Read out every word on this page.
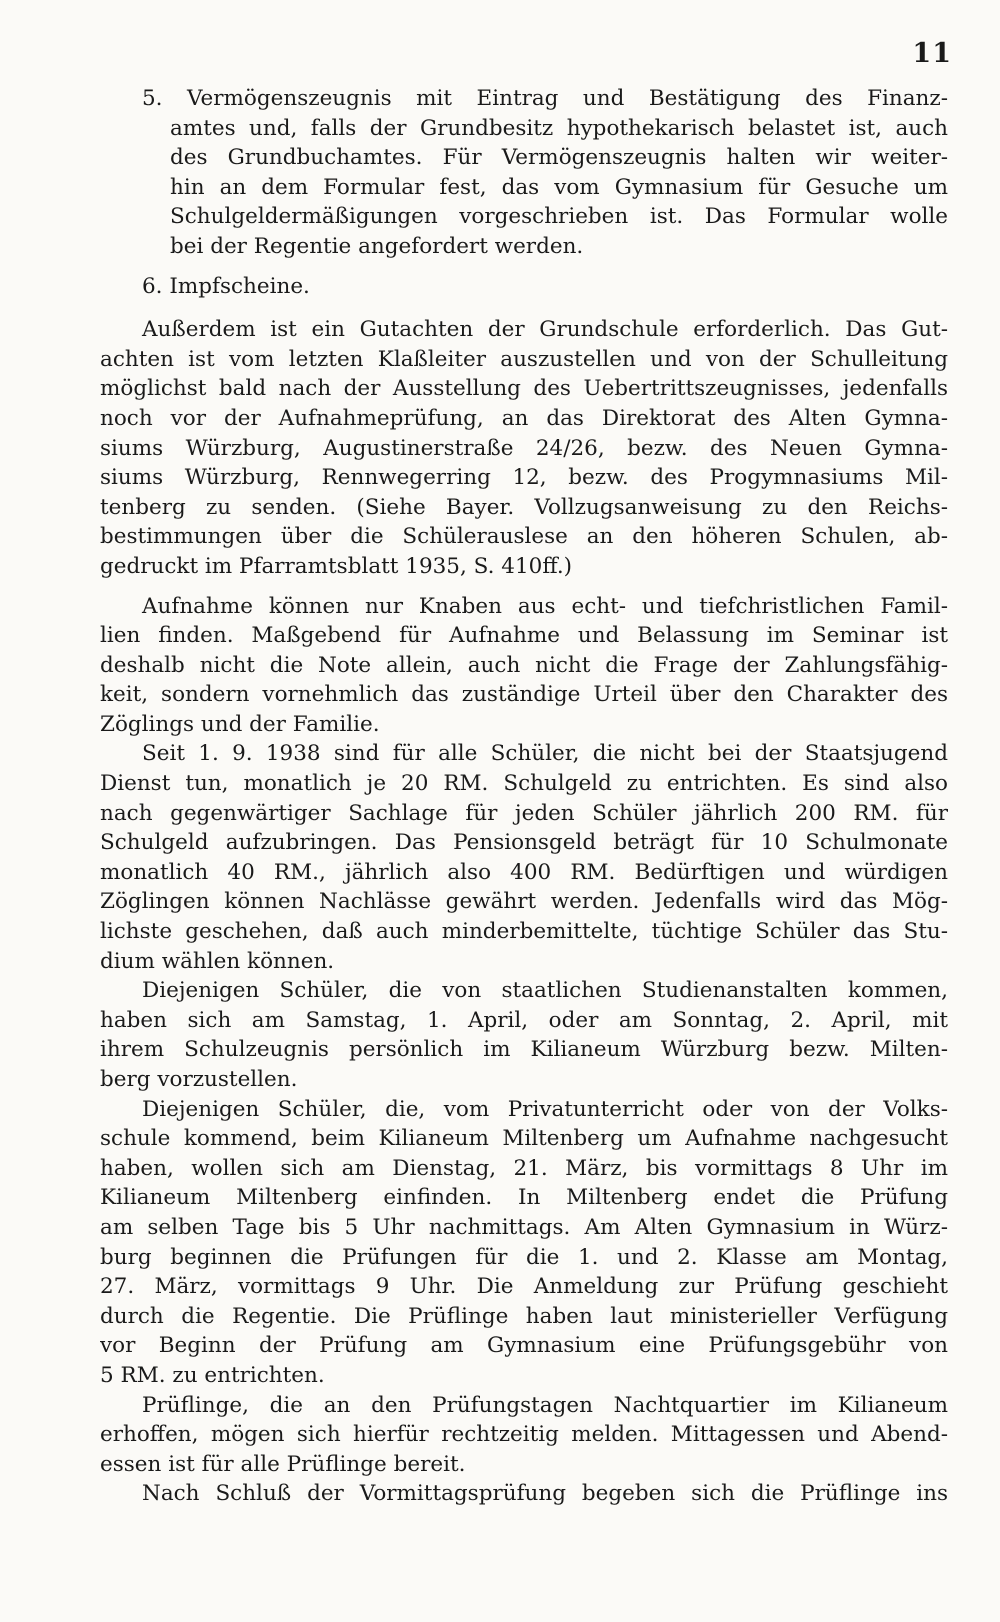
11
5. Vermögenszeugnis mit Eintrag und Bestätigung des Finanz-
amtes und, falls der Grundbesitz hypothekarisch belastet ist, auch
des Grundbuchamtes. Für Vermögenszeugnis halten wir weiter-
hin an dem Formular fest, das vom Gymnasium für Gesuche um
Schulgeldermäßigungen vorgeschrieben ist. Das Formular wolle
bei der Regentie angefordert werden.
6. Impfscheine.
Außerdem ist ein Gutachten der Grundschule erforderlich. Das Gut-
achten ist vom letzten Klaßleiter auszustellen und von der Schulleitung
möglichst bald nach der Ausstellung des Uebertrittszeugnisses, jedenfalls
noch vor der Aufnahmeprüfung, an das Direktorat des Alten Gymna-
siums Würzburg, Augustinerstraße 24/26, bezw. des Neuen Gymna-
siums Würzburg, Rennwegerring 12, bezw. des Progymnasiums Mil-
tenberg zu senden. (Siehe Bayer. Vollzugsanweisung zu den Reichs-
bestimmungen über die Schülerauslese an den höheren Schulen, ab-
gedruckt im Pfarramtsblatt 1935, S. 410ff.)
Aufnahme können nur Knaben aus echt- und tiefchristlichen Famil-
lien finden. Maßgebend für Aufnahme und Belassung im Seminar ist
deshalb nicht die Note allein, auch nicht die Frage der Zahlungsfähig-
keit, sondern vornehmlich das zuständige Urteil über den Charakter des
Zöglings und der Familie.
Seit 1. 9. 1938 sind für alle Schüler, die nicht bei der Staatsjugend
Dienst tun, monatlich je 20 RM. Schulgeld zu entrichten. Es sind also
nach gegenwärtiger Sachlage für jeden Schüler jährlich 200 RM. für
Schulgeld aufzubringen. Das Pensionsgeld beträgt für 10 Schulmonate
monatlich 40 RM., jährlich also 400 RM. Bedürftigen und würdigen
Zöglingen können Nachlässe gewährt werden. Jedenfalls wird das Mög-
lichste geschehen, daß auch minderbemittelte, tüchtige Schüler das Stu-
dium wählen können.
Diejenigen Schüler, die von staatlichen Studienanstalten kommen,
haben sich am Samstag, 1. April, oder am Sonntag, 2. April, mit
ihrem Schulzeugnis persönlich im Kilianeum Würzburg bezw. Milten-
berg vorzustellen.
Diejenigen Schüler, die, vom Privatunterricht oder von der Volks-
schule kommend, beim Kilianeum Miltenberg um Aufnahme nachgesucht
haben, wollen sich am Dienstag, 21. März, bis vormittags 8 Uhr im
Kilianeum Miltenberg einfinden. In Miltenberg endet die Prüfung
am selben Tage bis 5 Uhr nachmittags. Am Alten Gymnasium in Würz-
burg beginnen die Prüfungen für die 1. und 2. Klasse am Montag,
27. März, vormittags 9 Uhr. Die Anmeldung zur Prüfung geschieht
durch die Regentie. Die Prüflinge haben laut ministerieller Verfügung
vor Beginn der Prüfung am Gymnasium eine Prüfungsgebühr von
5 RM. zu entrichten.
Prüflinge, die an den Prüfungstagen Nachtquartier im Kilianeum
erhoffen, mögen sich hierfür rechtzeitig melden. Mittagessen und Abend-
essen ist für alle Prüflinge bereit.
Nach Schluß der Vormittagsprüfung begeben sich die Prüflinge ins
